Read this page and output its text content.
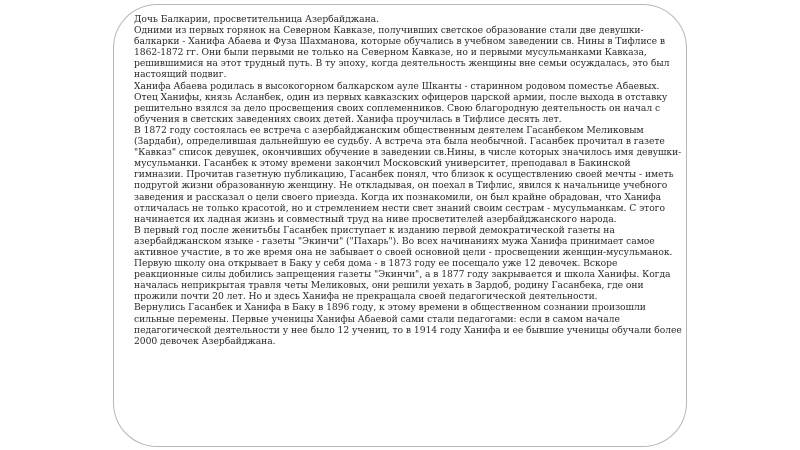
Дочь Балкарии, просветительница Азербайджана.

Одними из первых горянок на Северном Кавказе, получивших светское образование стали две девушки-балкарки - Ханифа Абаева и Фуза Шахманова, которые обучались в учебном заведении св. Нины в Тифлисе в 1862-1872 гг. Они были первыми не только на Северном Кавказе, но и первыми мусульманками Кавказа, решившимися на этот трудный путь. В ту эпоху, когда деятельность женщины вне семьи осуждалась, это был настоящий подвиг.

Ханифа Абаева родилась в высокогорном балкарском ауле Шканты - старинном родовом поместье Абаевых. Отец Ханифы, князь Асланбек, один из первых кавказских офицеров царской армии, после выхода в отставку решительно взялся за дело просвещения своих соплеменников. Свою благородную деятельность он начал с обучения в светских заведениях своих детей. Ханифа проучилась в Тифлисе десять лет.

В 1872 году состоялась ее встреча с азербайджанским общественным деятелем Гасанбеком Меликовым (Зардаби), определившая дальнейшую ее судьбу. А встреча эта была необычной. Гасанбек прочитал в газете "Кавказ" список девушек, окончивших обучение в заведении св.Нины, в числе которых значилось имя девушки-мусульманки. Гасанбек к этому времени закончил Московский университет, преподавал в Бакинской гимназии. Прочитав газетную публикацию, Гасанбек понял, что близок к осуществлению своей мечты - иметь подругой жизни образованную женщину. Не откладывая, он поехал в Тифлис, явился к начальнице учебного заведения и рассказал о цели своего приезда. Когда их познакомили, он был крайне обрадован, что Ханифа отличалась не только красотой, но и стремлением нести свет знаний своим сестрам - мусульманкам. С этого начинается их ладная жизнь и совместный труд на ниве просветителей азербайджанского народа.

В первый год после женитьбы Гасанбек приступает к изданию первой демократической газеты на азербайджанском языке - газеты "Экинчи" ("Пахарь"). Во всех начинаниях мужа Ханифа принимает самое активное участие, в то же время она не забывает о своей основной цели - просвещении женщин-мусульманок. Первую школу она открывает в Баку у себя дома - в 1873 году ее посещало уже 12 девочек. Вскоре реакционные силы добились запрещения газеты "Экинчи", а в 1877 году закрывается и школа Ханифы. Когда началась неприкрытая травля четы Меликовых, они решили уехать в Зардоб, родину Гасанбека, где они прожили почти 20 лет. Но и здесь Ханифа не прекращала своей педагогической деятельности.

Вернулись Гасанбек и Ханифа в Баку в 1896 году, к этому времени в общественном сознании произошли сильные перемены. Первые ученицы Ханифы Абаевой сами стали педагогами: если в самом начале педагогической деятельности у нее было 12 учениц, то в 1914 году Ханифа и ее бывшие ученицы обучали более 2000 девочек Азербайджана.
